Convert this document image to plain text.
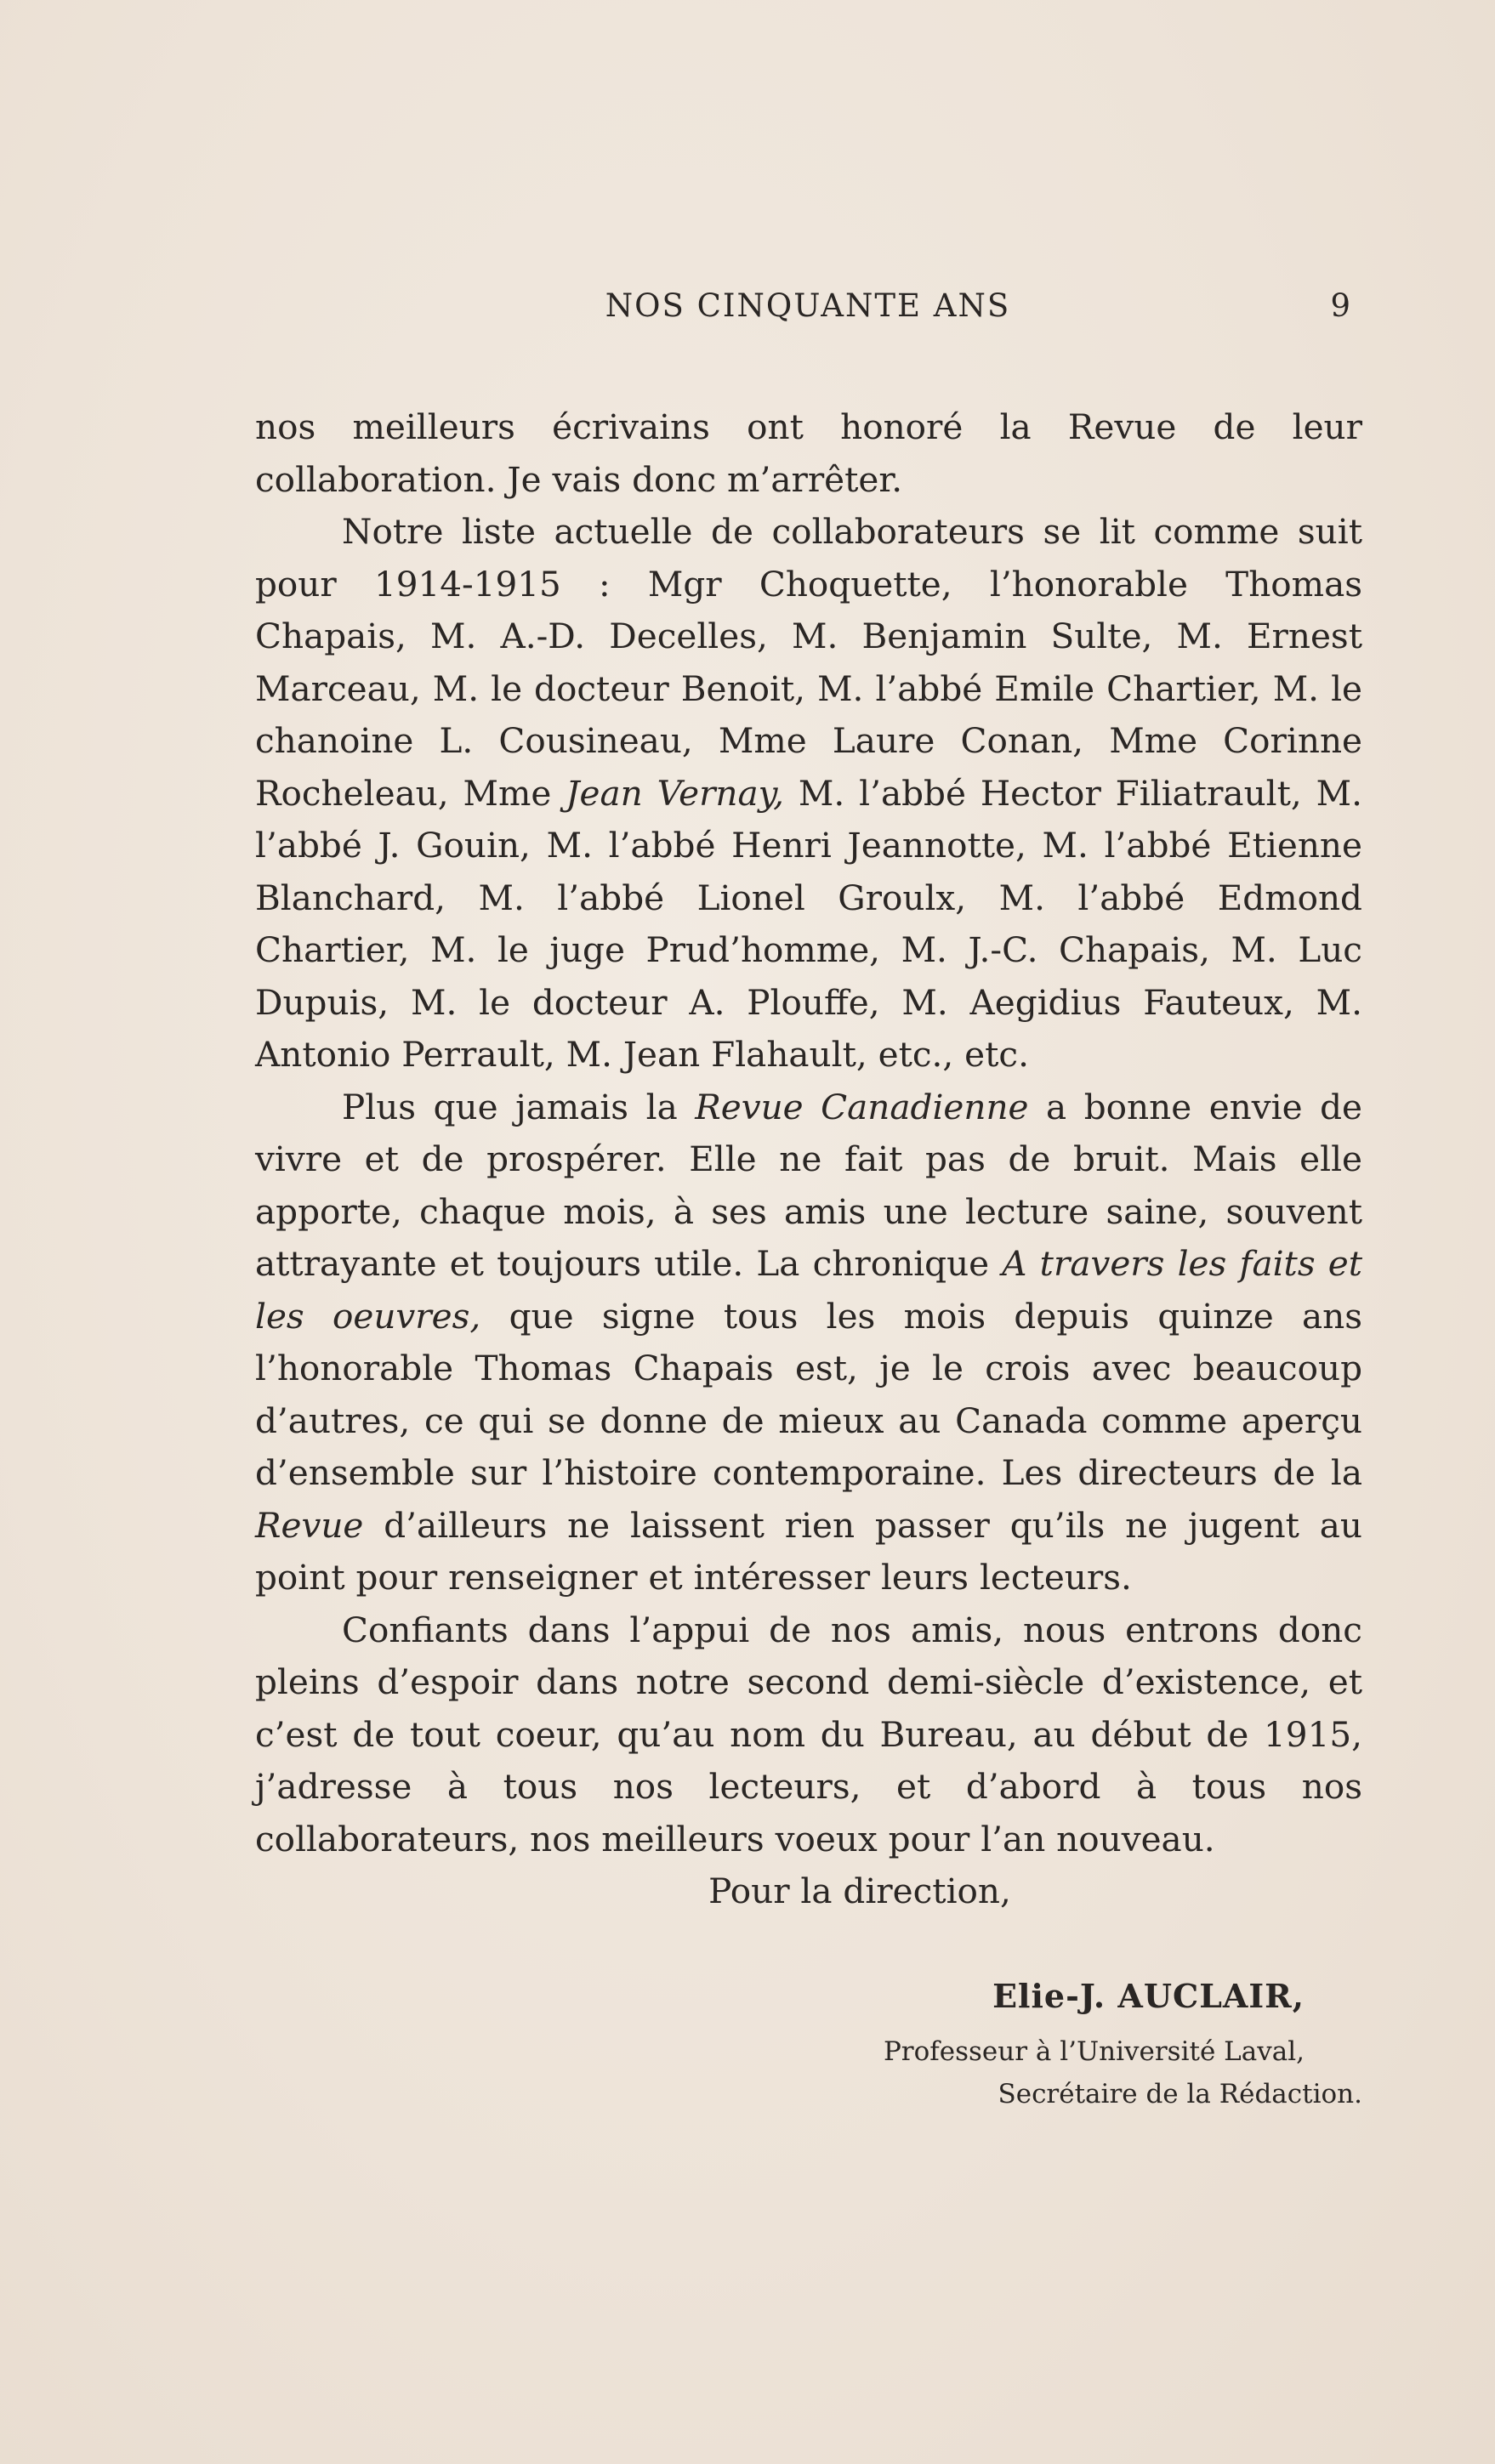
NOS CINQUANTE ANS	9

nos meilleurs écrivains ont honoré la Revue de leur collaboration. Je vais donc m’arrêter.

Notre liste actuelle de collaborateurs se lit comme suit pour 1914-1915 : Mgr Choquette, l’honorable Thomas Chapais, M. A.-D. Decelles, M. Benjamin Sulte, M. Ernest Marceau, M. le docteur Benoit, M. l’abbé Emile Chartier, M. le chanoine L. Cousineau, Mme Laure Conan, Mme Corinne Rocheleau, Mme Jean Vernay, M. l’abbé Hector Filiatrault, M. l’abbé J. Gouin, M. l’abbé Henri Jeannotte, M. l’abbé Etienne Blanchard, M. l’abbé Lionel Groulx, M. l’abbé Edmond Chartier, M. le juge Prud’homme, M. J.-C. Chapais, M. Luc Dupuis, M. le docteur A. Plouffe, M. Aegidius Fauteux, M. Antonio Perrault, M. Jean Flahault, etc., etc.

Plus que jamais la Revue Canadienne a bonne envie de vivre et de prospérer. Elle ne fait pas de bruit. Mais elle apporte, chaque mois, à ses amis une lecture saine, souvent attrayante et toujours utile. La chronique A travers les faits et les oeuvres, que signe tous les mois depuis quinze ans l’honorable Thomas Chapais est, je le crois avec beaucoup d’autres, ce qui se donne de mieux au Canada comme aperçu d’ensemble sur l’histoire contemporaine. Les directeurs de la Revue d’ailleurs ne laissent rien passer qu’ils ne jugent au point pour renseigner et intéresser leurs lecteurs.

Confiants dans l’appui de nos amis, nous entrons donc pleins d’espoir dans notre second demi-siècle d’existence, et c’est de tout coeur, qu’au nom du Bureau, au début de 1915, j’adresse à tous nos lecteurs, et d’abord à tous nos collaborateurs, nos meilleurs voeux pour l’an nouveau.

Pour la direction,
Elie-J. AUCLAIR,
Professeur à l’Université Laval,
Secrétaire de la Rédaction.
